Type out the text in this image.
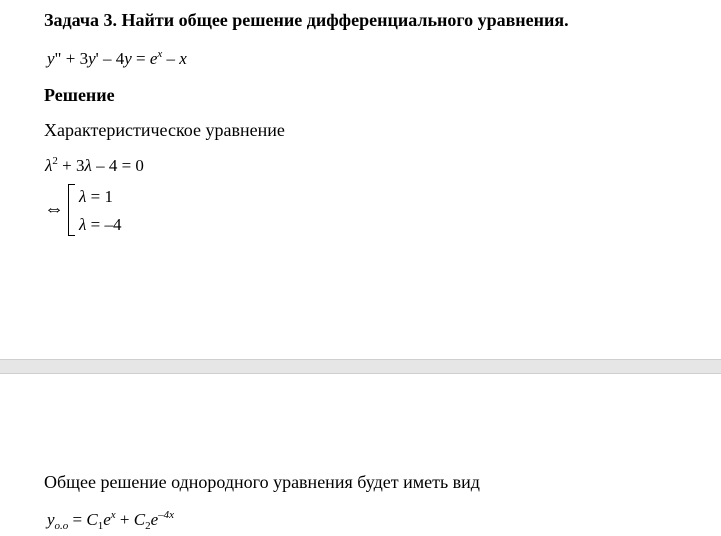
Задача 3. Найти общее решение дифференциального уравнения.
y" + $3y' - 4y = e^x - x$
Решение
Характеристическое уравнение
$\lambda^2 + 3\lambda - 4 = 0$
⇔
λ = 1
λ = –4
Общее решение однородного уравнения будет иметь вид
$y_{о.о} = C_1e^x + C_2e^{-4x}$
